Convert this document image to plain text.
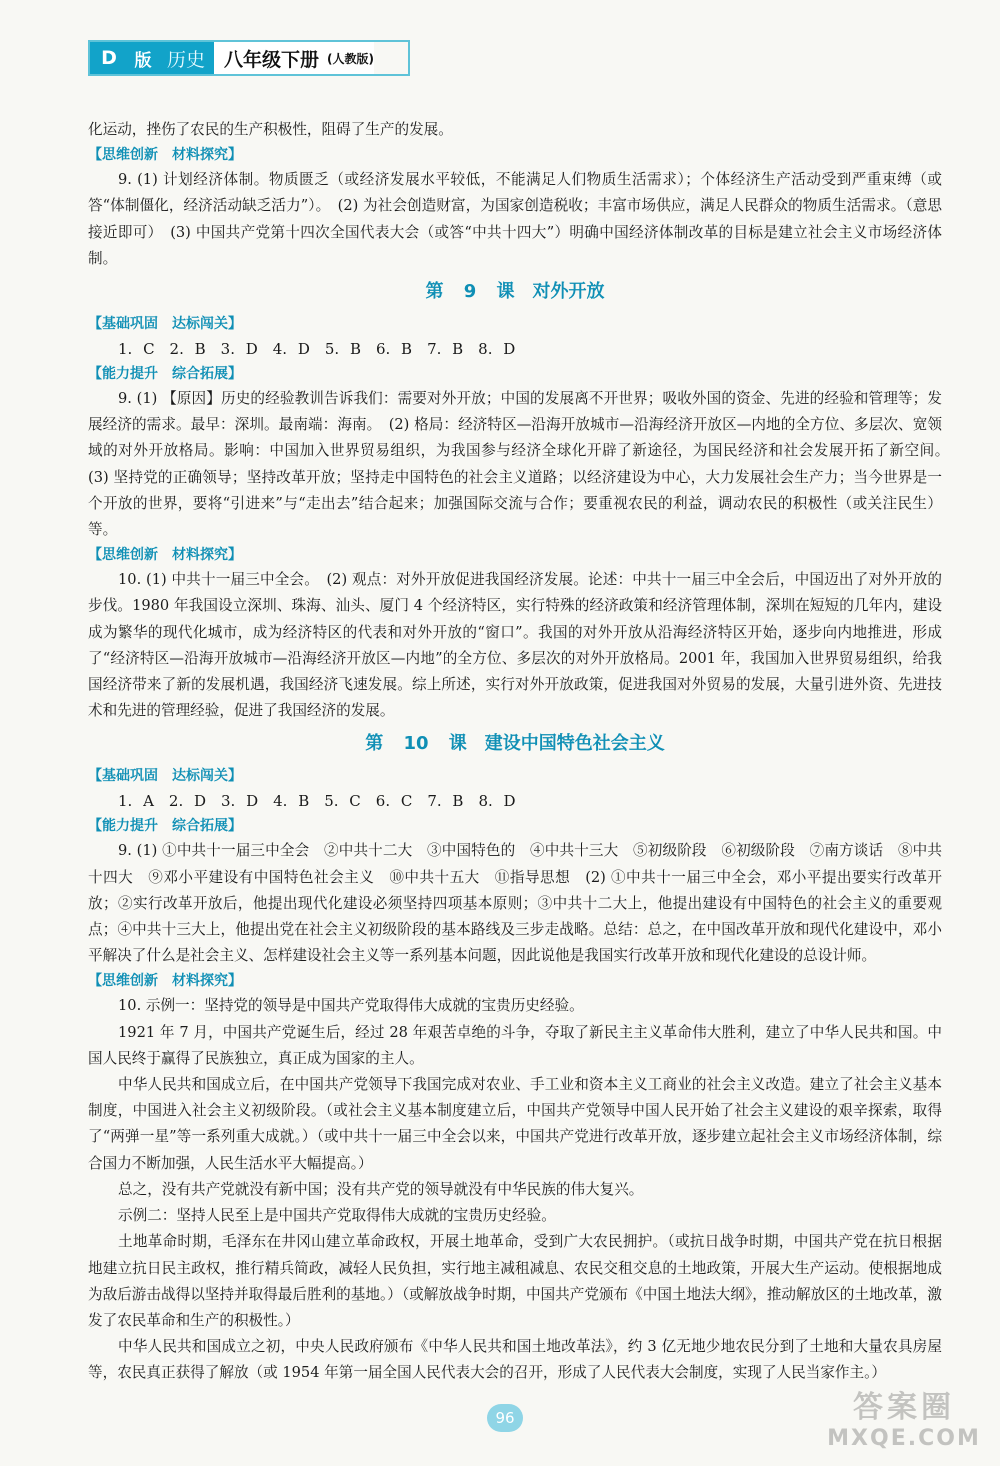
D	版 历史	八年级下册 (人教版)
化运动，挫伤了农民的生产积极性，阻碍了生产的发展。
【思维创新　材料探究】
9. (1) 计划经济体制。物质匮乏（或经济发展水平较低，不能满足人们物质生活需求）；个体经济生产活动受到严重束缚（或答“体制僵化，经济活动缺乏活力”）。　(2) 为社会创造财富，为国家创造税收；丰富市场供应，满足人民群众的物质生活需求。（意思接近即可）　(3) 中国共产党第十四次全国代表大会（或答“中共十四大”）明确中国经济体制改革的目标是建立社会主义市场经济体制。
第 9 课　对外开放
【基础巩固　达标闯关】
1. C　2. B　3. D　4. D　5. B　6. B　7. B　8. D
【能力提升　综合拓展】
9. (1) 【原因】历史的经验教训告诉我们：需要对外开放；中国的发展离不开世界；吸收外国的资金、先进的经验和管理等；发展经济的需求。最早：深圳。最南端：海南。　(2) 格局：经济特区—沿海开放城市—沿海经济开放区—内地的全方位、多层次、宽领域的对外开放格局。影响：中国加入世界贸易组织，为我国参与经济全球化开辟了新途径，为国民经济和社会发展开拓了新空间。　(3) 坚持党的正确领导；坚持改革开放；坚持走中国特色的社会主义道路；以经济建设为中心，大力发展社会生产力；当今世界是一个开放的世界，要将“引进来”与“走出去”结合起来；加强国际交流与合作；要重视农民的利益，调动农民的积极性（或关注民生）等。
【思维创新　材料探究】
10. (1) 中共十一届三中全会。　(2) 观点：对外开放促进我国经济发展。论述：中共十一届三中全会后，中国迈出了对外开放的步伐。1980 年我国设立深圳、珠海、汕头、厦门 4 个经济特区，实行特殊的经济政策和经济管理体制，深圳在短短的几年内，建设成为繁华的现代化城市，成为经济特区的代表和对外开放的“窗口”。我国的对外开放从沿海经济特区开始，逐步向内地推进，形成了“经济特区—沿海开放城市—沿海经济开放区—内地”的全方位、多层次的对外开放格局。2001 年，我国加入世界贸易组织，给我国经济带来了新的发展机遇，我国经济飞速发展。综上所述，实行对外开放政策，促进我国对外贸易的发展，大量引进外资、先进技术和先进的管理经验，促进了我国经济的发展。
第 10 课　建设中国特色社会主义
【基础巩固　达标闯关】
1. A　2. D　3. D　4. B　5. C　6. C　7. B　8. D
【能力提升　综合拓展】
9. (1) ①中共十一届三中全会　②中共十二大　③中国特色的　④中共十三大　⑤初级阶段　⑥初级阶段　⑦南方谈话　⑧中共十四大　⑨邓小平建设有中国特色社会主义　⑩中共十五大　⑪指导思想　(2) ①中共十一届三中全会，邓小平提出要实行改革开放；②实行改革开放后，他提出现代化建设必须坚持四项基本原则；③中共十二大上，他提出建设有中国特色的社会主义的重要观点；④中共十三大上，他提出党在社会主义初级阶段的基本路线及三步走战略。总结：总之，在中国改革开放和现代化建设中，邓小平解决了什么是社会主义、怎样建设社会主义等一系列基本问题，因此说他是我国实行改革开放和现代化建设的总设计师。
【思维创新　材料探究】
10. 示例一：坚持党的领导是中国共产党取得伟大成就的宝贵历史经验。
1921 年 7 月，中国共产党诞生后，经过 28 年艰苦卓绝的斗争，夺取了新民主主义革命伟大胜利，建立了中华人民共和国。中国人民终于赢得了民族独立，真正成为国家的主人。
中华人民共和国成立后，在中国共产党领导下我国完成对农业、手工业和资本主义工商业的社会主义改造。建立了社会主义基本制度，中国进入社会主义初级阶段。（或社会主义基本制度建立后，中国共产党领导中国人民开始了社会主义建设的艰辛探索，取得了“两弹一星”等一系列重大成就。）（或中共十一届三中全会以来，中国共产党进行改革开放，逐步建立起社会主义市场经济体制，综合国力不断加强，人民生活水平大幅提高。）
总之，没有共产党就没有新中国；没有共产党的领导就没有中华民族的伟大复兴。
示例二：坚持人民至上是中国共产党取得伟大成就的宝贵历史经验。
土地革命时期，毛泽东在井冈山建立革命政权，开展土地革命，受到广大农民拥护。（或抗日战争时期，中国共产党在抗日根据地建立抗日民主政权，推行精兵简政，减轻人民负担，实行地主减租减息、农民交租交息的土地政策，开展大生产运动。使根据地成为敌后游击战得以坚持并取得最后胜利的基地。）（或解放战争时期，中国共产党颁布《中国土地法大纲》，推动解放区的土地改革，激发了农民革命和生产的积极性。）
中华人民共和国成立之初，中央人民政府颁布《中华人民共和国土地改革法》，约 3 亿无地少地农民分到了土地和大量农具房屋等，农民真正获得了解放（或 1954 年第一届全国人民代表大会的召开，形成了人民代表大会制度，实现了人民当家作主。）
96	答案圈
MXQE.COM
